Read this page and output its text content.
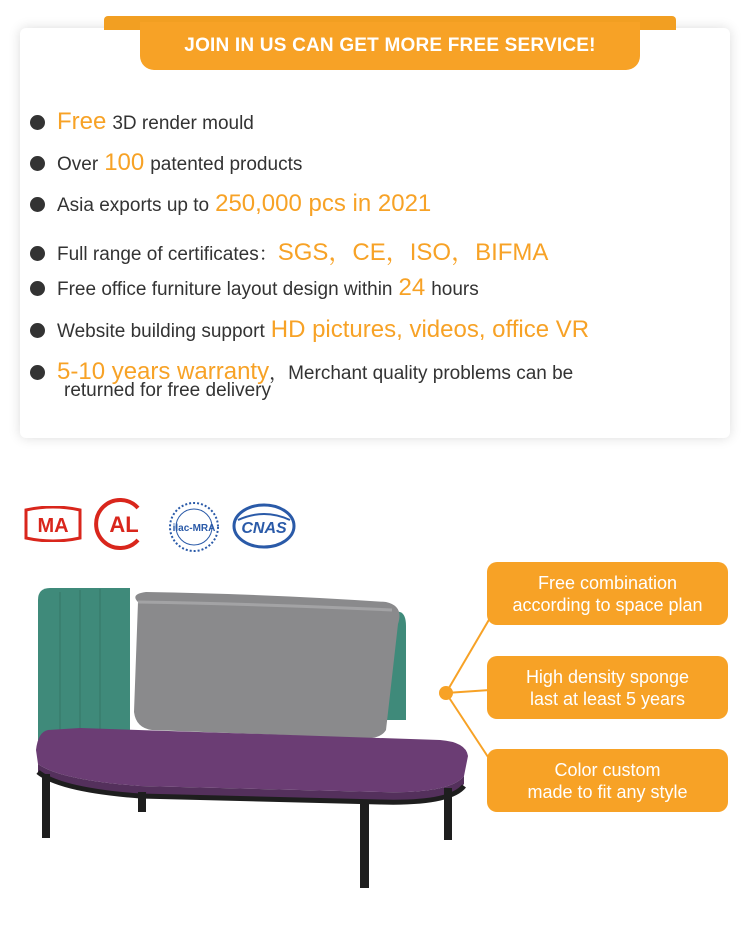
JOIN IN US CAN GET MORE FREE SERVICE!
Free 3D render mould
Over 100 patented products
Asia exports up to 250,000 pcs in 2021
Full range of certificates： SGS，CE，ISO，BIFMA
Free office furniture layout design within 24 hours
Website building support HD pictures, videos, office VR
5-10 years warranty ，Merchant quality problems can be
returned for free delivery
MA AL	ilac-MRA CNAS
Free combination
according to space plan
High density sponge
last at least 5 years
Color custom
made to fit any style
